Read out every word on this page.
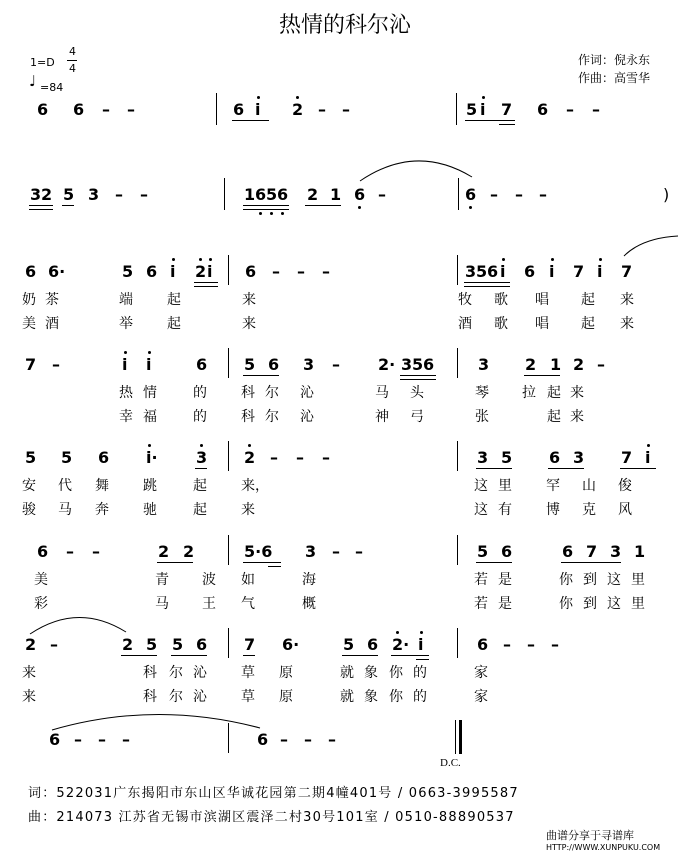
热情的科尔沁
1=D
4
4
♩ =84
作词：倪永东
作曲：高雪华
6 6 – –	6 i 2 – –	5 i 7 6 – –
3 2 5 3 – –	1 6 5 6 2 1 6 –	6 – – –	)
6 6·	5 6 i 2 i 6 – – –	3 5 6 i 6 i 7 i 7
奶 茶	端 起	来	牧 歌 唱 起 来
美 酒	举 起	来	酒 歌 唱 起 来
7 –	i i	6 5 6 3 – 2· 3 5 6	3 2 1 2 –
热 情	的 科 尔 沁	马 头	琴 拉 起 来
幸 福	的 科 尔 沁	神 弓	张	起 来
5 5 6 i· 3 2 – – –	3 5 6 3 7 i
安 代 舞 跳	起 来，	这 里 罕 山 俊
骏 马 奔 驰	起 来	这 有 博 克 风
6 – –	2 2	5·6 3 – –	5 6	6 7 3 1
美	青 波 如	海	若 是	你 到 这 里
彩	马 王 气	概	若 是	你 到 这 里
2 –	2 5 5 6 7 6·	5 6 2· i	6 – – –
来	科 尔 沁 草 原	就 象 你 的	家
来	科 尔 沁 草 原	就 象 你 的	家
6 – – –	6 – – –
D.C.
词：522031广东揭阳市东山区华诚花园第二期4幢401号 / 0663-3995587
曲：214073 江苏省无锡市滨湖区震泽二村30号101室 / 0510-88890537
曲谱分享于寻谱库
HTTP://WWW.XUNPUKU.COM
